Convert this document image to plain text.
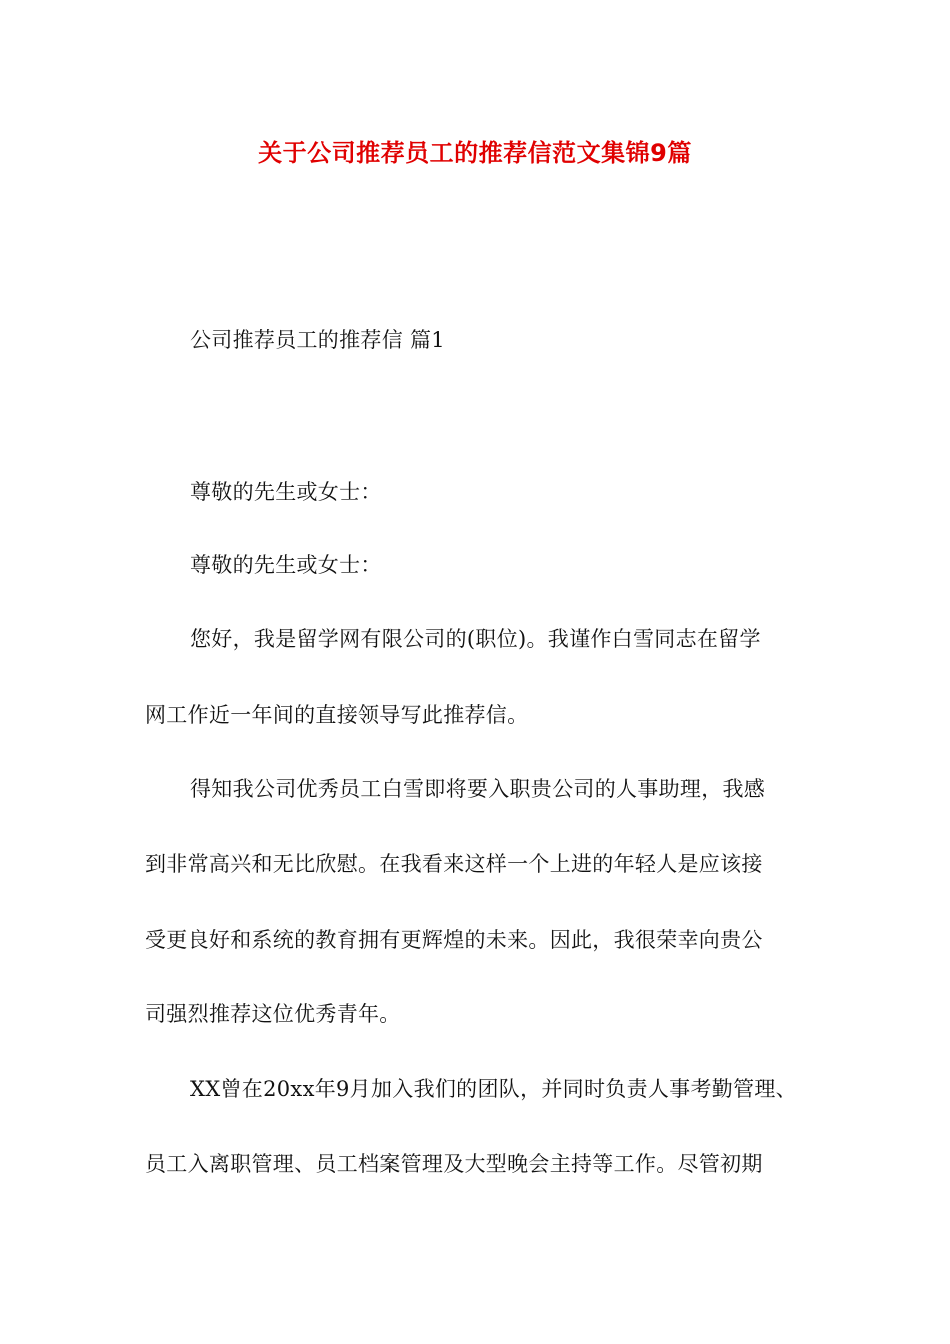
关于公司推荐员工的推荐信范文集锦9篇
公司推荐员工的推荐信 篇1
尊敬的先生或女士：
尊敬的先生或女士：
您好，我是留学网有限公司的(职位)。我谨作白雪同志在留学
网工作近一年间的直接领导写此推荐信。
得知我公司优秀员工白雪即将要入职贵公司的人事助理，我感
到非常高兴和无比欣慰。在我看来这样一个上进的年轻人是应该接
受更良好和系统的教育拥有更辉煌的未来。因此，我很荣幸向贵公
司强烈推荐这位优秀青年。
XX曾在20xx年9月加入我们的团队，并同时负责人事考勤管理、
员工入离职管理、员工档案管理及大型晚会主持等工作。尽管初期
